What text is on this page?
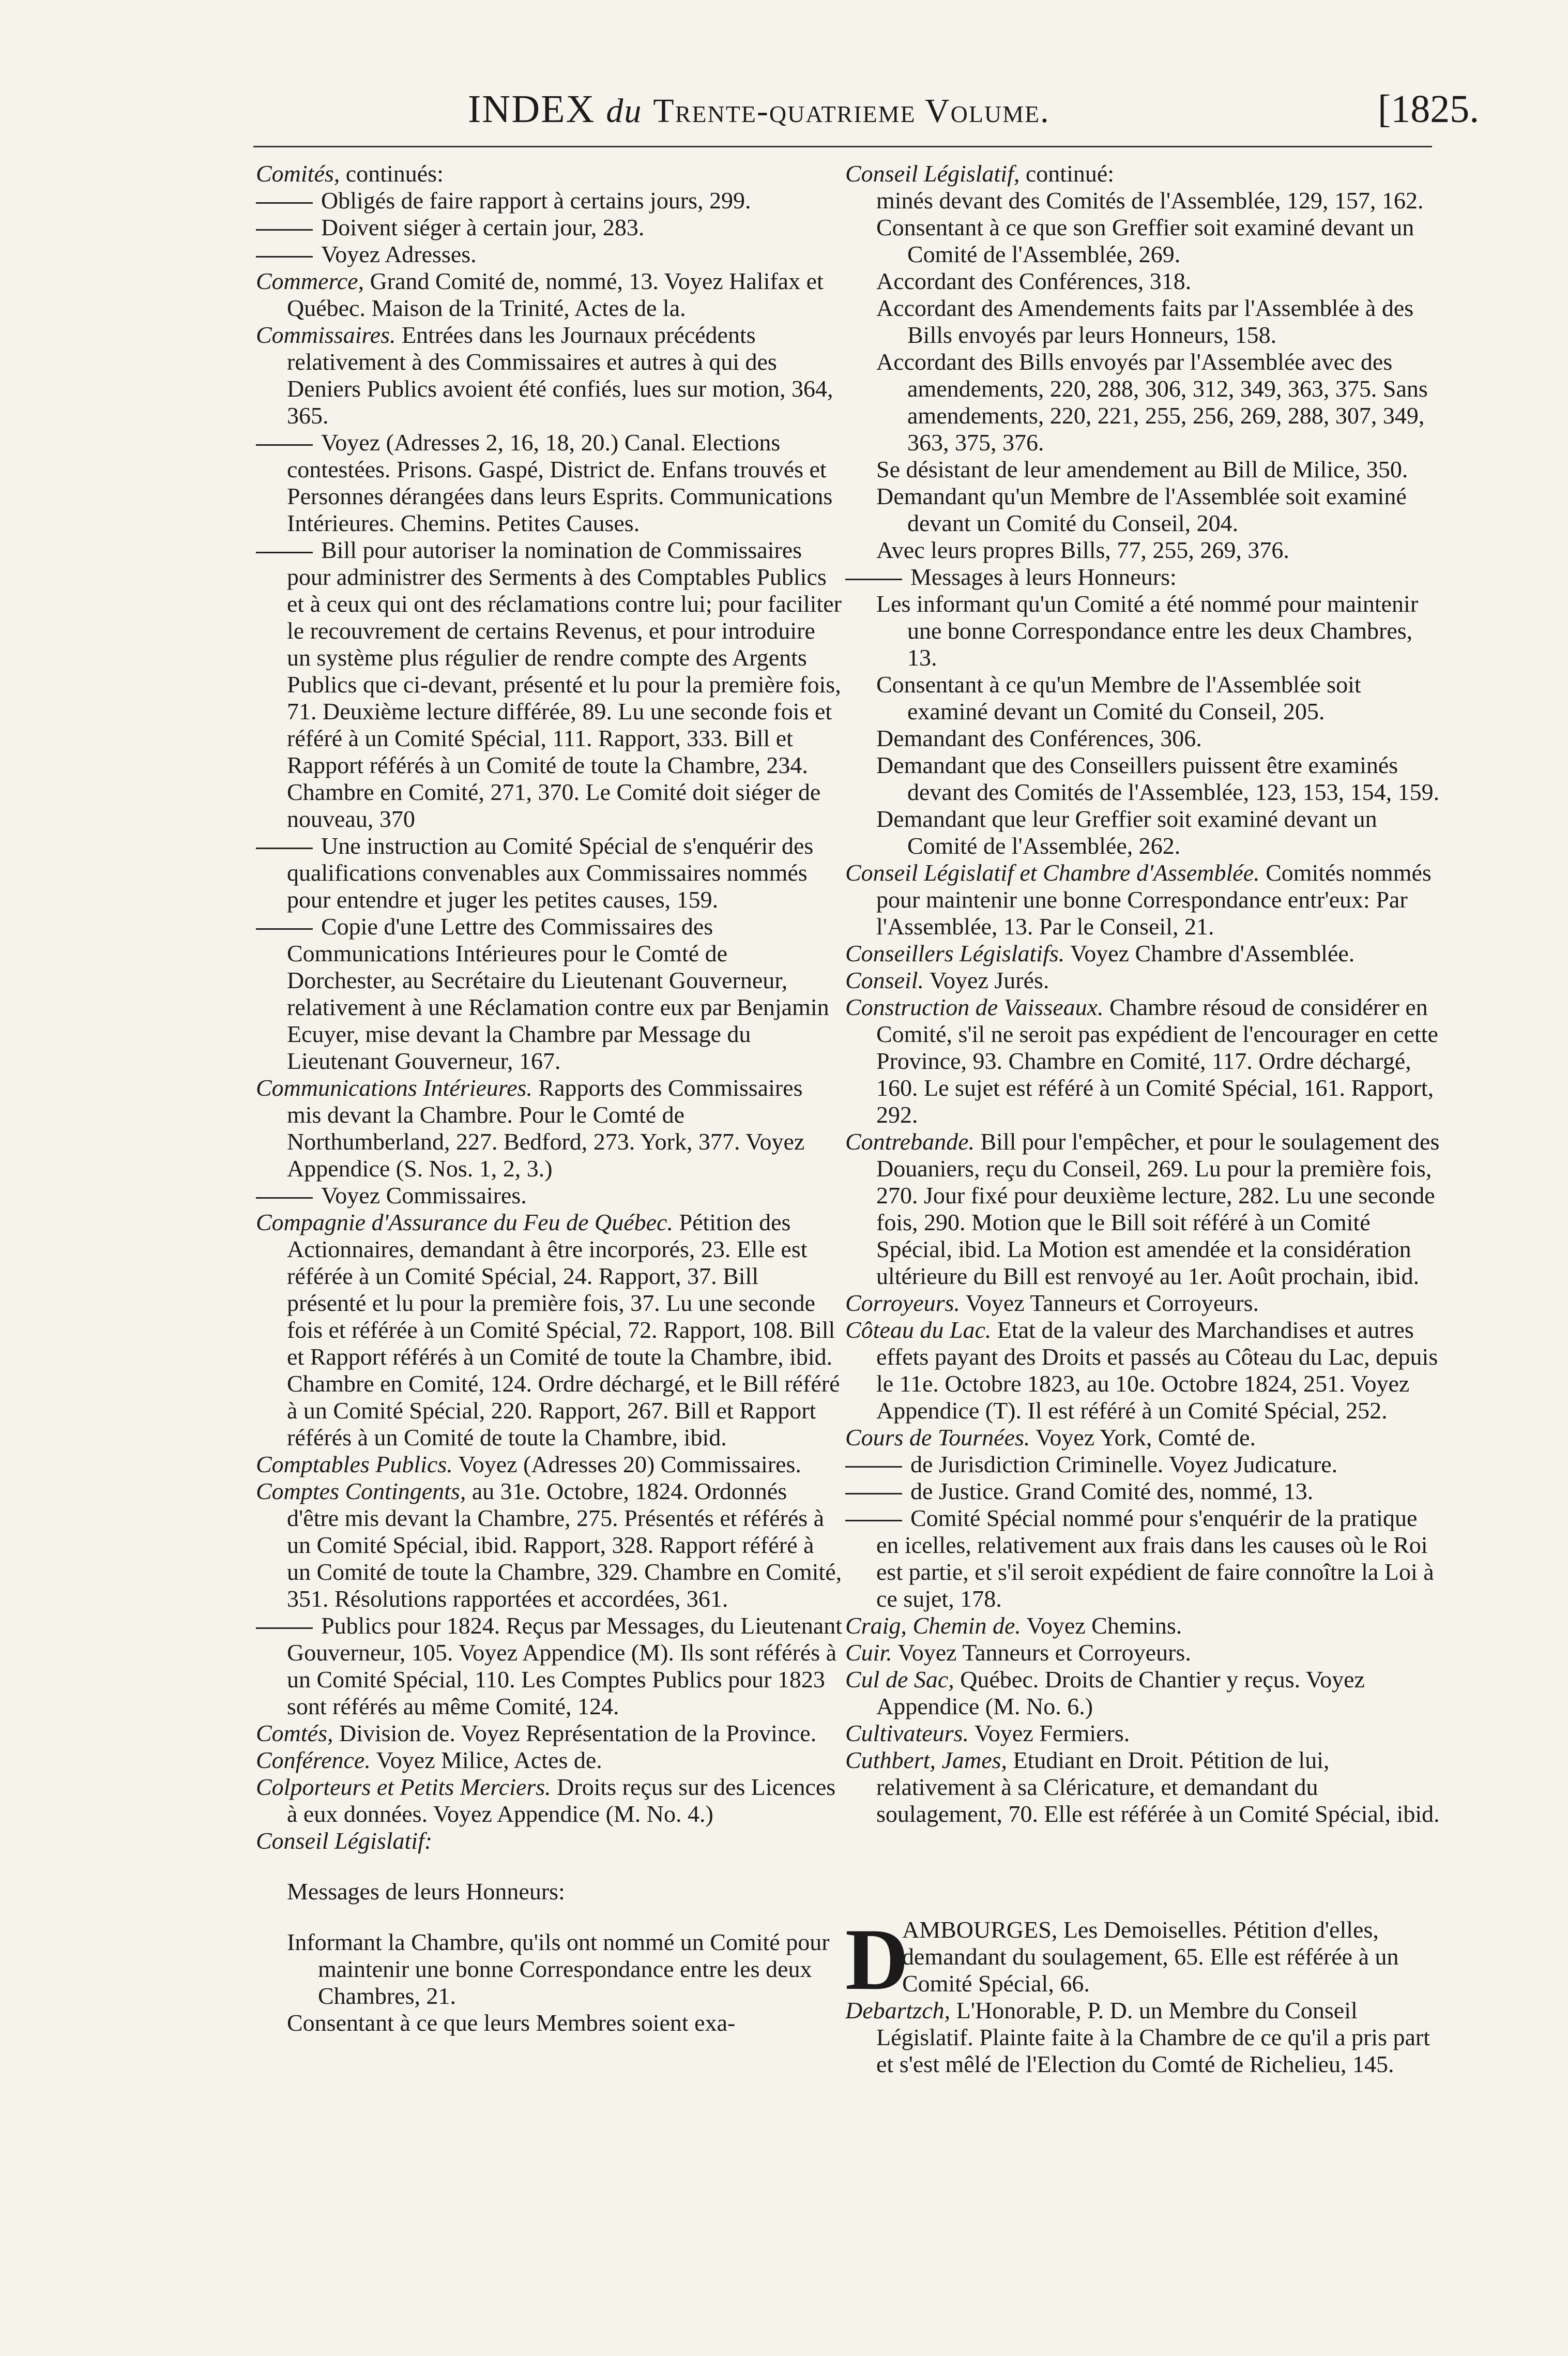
INDEX du Trente-quatrieme Volume.	[1825.

Comités, continués:

Obligés de faire rapport à certains jours, 299.

Doivent siéger à certain jour, 283.

Voyez Adresses.

Commerce, Grand Comité de, nommé, 13. Voyez Halifax et Québec. Maison de la Trinité, Actes de la.

Commissaires. Entrées dans les Journaux précédents relativement à des Commissaires et autres à qui des Deniers Publics avoient été confiés, lues sur motion, 364, 365.

Voyez (Adresses 2, 16, 18, 20.) Canal. Elections contestées. Prisons. Gaspé, District de. Enfans trouvés et Personnes dérangées dans leurs Esprits. Communications Intérieures. Chemins. Petites Causes.

Bill pour autoriser la nomination de Commissaires pour administrer des Serments à des Comptables Publics et à ceux qui ont des réclamations contre lui; pour faciliter le recouvrement de certains Revenus, et pour introduire un système plus régulier de rendre compte des Argents Publics que ci-devant, présenté et lu pour la première fois, 71. Deuxième lecture différée, 89. Lu une seconde fois et référé à un Comité Spécial, 111. Rapport, 333. Bill et Rapport référés à un Comité de toute la Chambre, 234. Chambre en Comité, 271, 370. Le Comité doit siéger de nouveau, 370

Une instruction au Comité Spécial de s'enquérir des qualifications convenables aux Commissaires nommés pour entendre et juger les petites causes, 159.

Copie d'une Lettre des Commissaires des Communications Intérieures pour le Comté de Dorchester, au Secrétaire du Lieutenant Gouverneur, relativement à une Réclamation contre eux par Benjamin Ecuyer, mise devant la Chambre par Message du Lieutenant Gouverneur, 167.

Communications Intérieures. Rapports des Commissaires mis devant la Chambre. Pour le Comté de Northumberland, 227. Bedford, 273. York, 377. Voyez Appendice (S. Nos. 1, 2, 3.)

Voyez Commissaires.

Compagnie d'Assurance du Feu de Québec. Pétition des Actionnaires, demandant à être incorporés, 23. Elle est référée à un Comité Spécial, 24. Rapport, 37. Bill présenté et lu pour la première fois, 37. Lu une seconde fois et référée à un Comité Spécial, 72. Rapport, 108. Bill et Rapport référés à un Comité de toute la Chambre, ibid. Chambre en Comité, 124. Ordre déchargé, et le Bill référé à un Comité Spécial, 220. Rapport, 267. Bill et Rapport référés à un Comité de toute la Chambre, ibid.

Comptables Publics. Voyez (Adresses 20) Commissaires.

Comptes Contingents, au 31e. Octobre, 1824. Ordonnés d'être mis devant la Chambre, 275. Présentés et référés à un Comité Spécial, ibid. Rapport, 328. Rapport référé à un Comité de toute la Chambre, 329. Chambre en Comité, 351. Résolutions rapportées et accordées, 361.

Publics pour 1824. Reçus par Messages, du Lieutenant Gouverneur, 105. Voyez Appendice (M). Ils sont référés à un Comité Spécial, 110. Les Comptes Publics pour 1823 sont référés au même Comité, 124.

Comtés, Division de. Voyez Représentation de la Province.

Conférence. Voyez Milice, Actes de.

Colporteurs et Petits Merciers. Droits reçus sur des Licences à eux données. Voyez Appendice (M. No. 4.)

Conseil Législatif:

Messages de leurs Honneurs:

Informant la Chambre, qu'ils ont nommé un Comité pour maintenir une bonne Correspondance entre les deux Chambres, 21.

Consentant à ce que leurs Membres soient exa-

Conseil Législatif, continué:

minés devant des Comités de l'Assemblée, 129, 157, 162.

Consentant à ce que son Greffier soit examiné devant un Comité de l'Assemblée, 269.

Accordant des Conférences, 318.

Accordant des Amendements faits par l'Assemblée à des Bills envoyés par leurs Honneurs, 158.

Accordant des Bills envoyés par l'Assemblée avec des amendements, 220, 288, 306, 312, 349, 363, 375. Sans amendements, 220, 221, 255, 256, 269, 288, 307, 349, 363, 375, 376.

Se désistant de leur amendement au Bill de Milice, 350.

Demandant qu'un Membre de l'Assemblée soit examiné devant un Comité du Conseil, 204.

Avec leurs propres Bills, 77, 255, 269, 376.

Messages à leurs Honneurs:

Les informant qu'un Comité a été nommé pour maintenir une bonne Correspondance entre les deux Chambres, 13.

Consentant à ce qu'un Membre de l'Assemblée soit examiné devant un Comité du Conseil, 205.

Demandant des Conférences, 306.

Demandant que des Conseillers puissent être examinés devant des Comités de l'Assemblée, 123, 153, 154, 159.

Demandant que leur Greffier soit examiné devant un Comité de l'Assemblée, 262.

Conseil Législatif et Chambre d'Assemblée. Comités nommés pour maintenir une bonne Correspondance entr'eux: Par l'Assemblée, 13. Par le Conseil, 21.

Conseillers Législatifs. Voyez Chambre d'Assemblée.

Conseil. Voyez Jurés.

Construction de Vaisseaux. Chambre résoud de considérer en Comité, s'il ne seroit pas expédient de l'encourager en cette Province, 93. Chambre en Comité, 117. Ordre déchargé, 160. Le sujet est référé à un Comité Spécial, 161. Rapport, 292.

Contrebande. Bill pour l'empêcher, et pour le soulagement des Douaniers, reçu du Conseil, 269. Lu pour la première fois, 270. Jour fixé pour deuxième lecture, 282. Lu une seconde fois, 290. Motion que le Bill soit référé à un Comité Spécial, ibid. La Motion est amendée et la considération ultérieure du Bill est renvoyé au 1er. Août prochain, ibid.

Corroyeurs. Voyez Tanneurs et Corroyeurs.

Côteau du Lac. Etat de la valeur des Marchandises et autres effets payant des Droits et passés au Côteau du Lac, depuis le 11e. Octobre 1823, au 10e. Octobre 1824, 251. Voyez Appendice (T). Il est référé à un Comité Spécial, 252.

Cours de Tournées. Voyez York, Comté de.

de Jurisdiction Criminelle. Voyez Judicature.

de Justice. Grand Comité des, nommé, 13.

Comité Spécial nommé pour s'enquérir de la pratique en icelles, relativement aux frais dans les causes où le Roi est partie, et s'il seroit expédient de faire connoître la Loi à ce sujet, 178.

Craig, Chemin de. Voyez Chemins.

Cuir. Voyez Tanneurs et Corroyeurs.

Cul de Sac, Québec. Droits de Chantier y reçus. Voyez Appendice (M. No. 6.)

Cultivateurs. Voyez Fermiers.

Cuthbert, James, Etudiant en Droit. Pétition de lui, relativement à sa Cléricature, et demandant du soulagement, 70. Elle est référée à un Comité Spécial, ibid.

D
AMBOURGES, Les Demoiselles. Pétition d'elles, demandant du soulagement, 65. Elle est référée à un Comité Spécial, 66.

Debartzch, L'Honorable, P. D. un Membre du Conseil Législatif. Plainte faite à la Chambre de ce qu'il a pris part et s'est mêlé de l'Election du Comté de Richelieu, 145.
